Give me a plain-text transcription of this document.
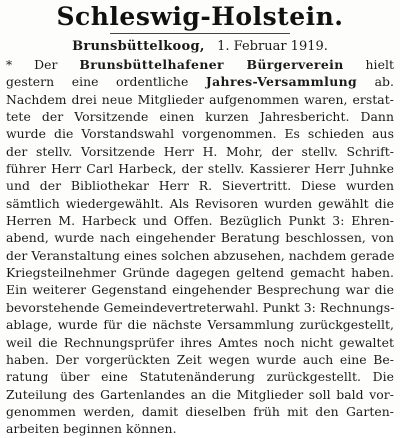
Schleswig-Holstein.
Brunsbüttelkoog, 1. Februar 1919.
* Der Brunsbüttelhafener Bürgerverein hielt
gestern eine ordentliche Jahres-Versammlung ab.
Nachdem drei neue Mitglieder aufgenommen waren, erstat-
tete der Vorsitzende einen kurzen Jahresbericht. Dann
wurde die Vorstandswahl vorgenommen. Es schieden aus
der stellv. Vorsitzende Herr H. Mohr, der stellv. Schrift-
führer Herr Carl Harbeck, der stellv. Kassierer Herr Juhnke
und der Bibliothekar Herr R. Sievertritt. Diese wurden
sämtlich wiedergewählt. Als Revisoren wurden gewählt die
Herren M. Harbeck und Offen. Bezüglich Punkt 3: Ehren-
abend, wurde nach eingehender Beratung beschlossen, von
der Veranstaltung eines solchen abzusehen, nachdem gerade
Kriegsteilnehmer Gründe dagegen geltend gemacht haben.
Ein weiterer Gegenstand eingehender Besprechung war die
bevorstehende Gemeindevertreterwahl. Punkt 3: Rechnungs-
ablage, wurde für die nächste Versammlung zurückgestellt,
weil die Rechnungsprüfer ihres Amtes noch nicht gewaltet
haben. Der vorgerückten Zeit wegen wurde auch eine Be-
ratung über eine Statutenänderung zurückgestellt. Die
Zuteilung des Gartenlandes an die Mitglieder soll bald vor-
genommen werden, damit dieselben früh mit den Garten-
arbeiten beginnen können.
